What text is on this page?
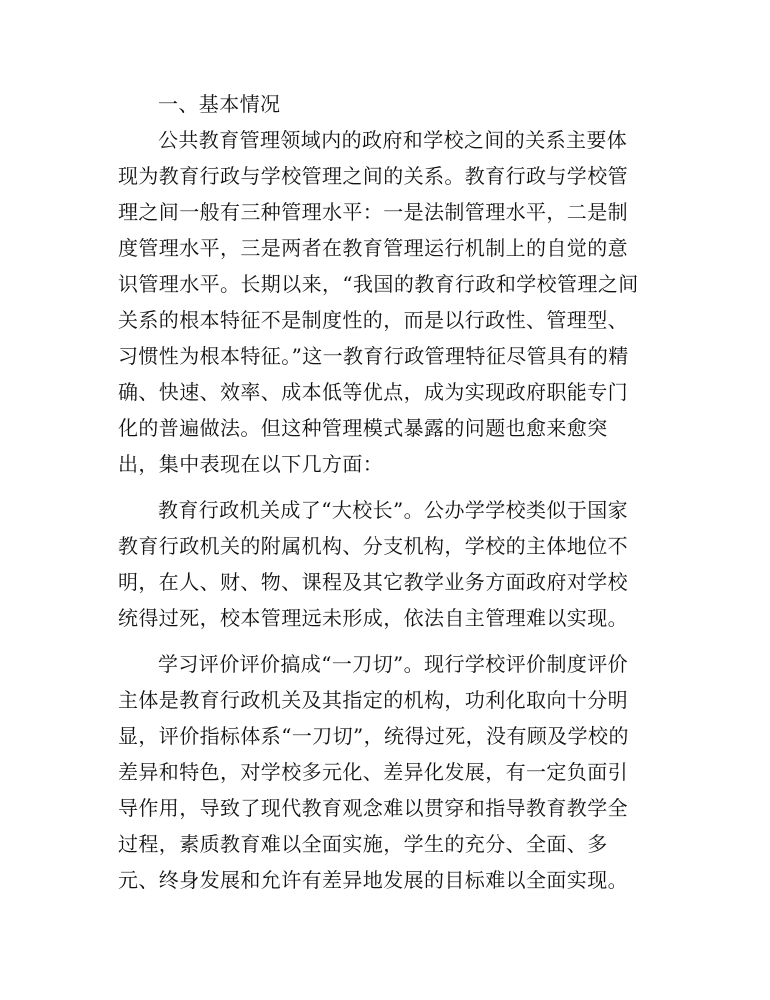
一、基本情况
公共教育管理领域内的政府和学校之间的关系主要体
现为教育行政与学校管理之间的关系。教育行政与学校管
理之间一般有三种管理水平：一是法制管理水平，二是制
度管理水平，三是两者在教育管理运行机制上的自觉的意
识管理水平。长期以来，“我国的教育行政和学校管理之间
关系的根本特征不是制度性的，而是以行政性、管理型、
习惯性为根本特征。”这一教育行政管理特征尽管具有的精
确、快速、效率、成本低等优点，成为实现政府职能专门
化的普遍做法。但这种管理模式暴露的问题也愈来愈突
出，集中表现在以下几方面：
教育行政机关成了“大校长”。公办学学校类似于国家
教育行政机关的附属机构、分支机构，学校的主体地位不
明，在人、财、物、课程及其它教学业务方面政府对学校
统得过死，校本管理远未形成，依法自主管理难以实现。
学习评价评价搞成“一刀切”。现行学校评价制度评价
主体是教育行政机关及其指定的机构，功利化取向十分明
显，评价指标体系“一刀切”，统得过死，没有顾及学校的
差异和特色，对学校多元化、差异化发展，有一定负面引
导作用，导致了现代教育观念难以贯穿和指导教育教学全
过程，素质教育难以全面实施，学生的充分、全面、多
元、终身发展和允许有差异地发展的目标难以全面实现。
